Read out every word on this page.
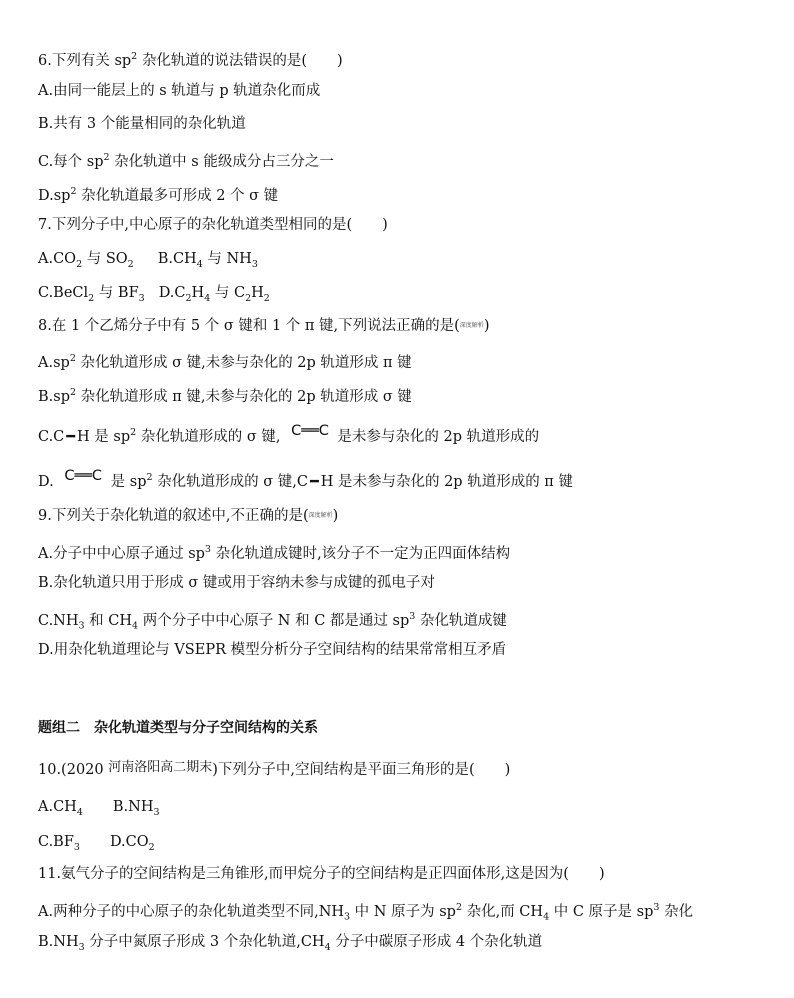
6.下列有关 $sp^2$ 杂化轨道的说法错误的是( )
A.由同一能层上的 s 轨道与 p 轨道杂化而成
B.共有 3 个能量相同的杂化轨道
C.每个 $sp^2$ 杂化轨道中 s 能级成分占三分之一
$D.sp^2$ 杂化轨道最多可形成 2 个 σ 键
7.下列分子中,中心原子的杂化轨道类型相同的是( )
$A.CO_2$ 与 $SO_2$ $B.CH_4$ 与 $NH_3$
C.BeCl$_2$ 与 $BF_3$ $D.C_2H_4$ 与 $C_2H_2$
8.在 1 个乙烯分子中有 5 个 σ 键和 1 个 π 键,下列说法正确的是(深度解析)
$A.sp^2$ 杂化轨道形成 σ 键,未参与杂化的 2p 轨道形成 π 键
$B.sp^2$ 杂化轨道形成 π 键,未参与杂化的 2p 轨道形成 σ 键
C.C ━ H 是 $sp^2$ 杂化轨道形成的 σ 键, C══C 是未参与杂化的 2p 轨道形成的
D. C══C 是 $sp^2$ 杂化轨道形成的 σ 键,C ━ H 是未参与杂化的 2p 轨道形成的 π 键
9.下列关于杂化轨道的叙述中,不正确的是(深度解析)
A.分子中中心原子通过 $sp^3$ 杂化轨道成键时,该分子不一定为正四面体结构
B.杂化轨道只用于形成 σ 键或用于容纳未参与成键的孤电子对
$C.NH_3$ 和 $CH_4$ 两个分子中中心原子 N 和 C 都是通过 $sp^3$ 杂化轨道成键
D.用杂化轨道理论与 VSEPR 模型分析分子空间结构的结果常常相互矛盾
题组二　杂化轨道类型与分子空间结构的关系
10.(2020 河南洛阳高二期末)下列分子中,空间结构是平面三角形的是( )
$A.CH_4$ $B.NH_3$
$C.BF_3$ $D.CO_2$
11.氨气分子的空间结构是三角锥形,而甲烷分子的空间结构是正四面体形,这是因为( )
A.两种分子的中心原子的杂化轨道类型不同$,NH_3$ 中 N 原子为 $sp^2$ 杂化,而 $CH_4$ 中 C 原子是 $sp^3$ 杂化
$B.NH_3$ 分子中氮原子形成 3 个杂化轨道$,CH_4$ 分子中碳原子形成 4 个杂化轨道
